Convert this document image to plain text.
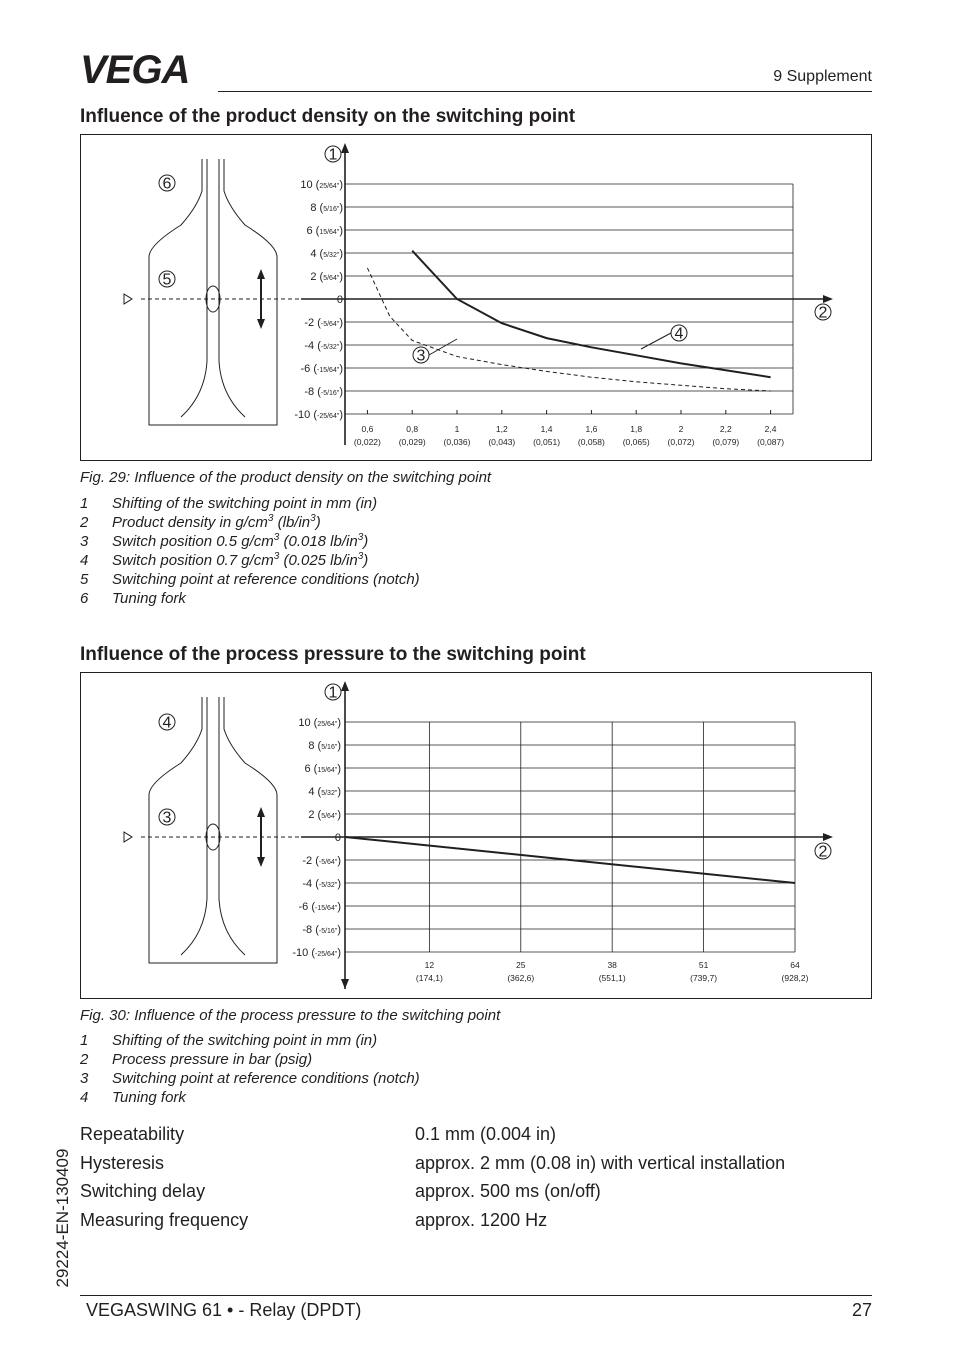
VEGA	9 Supplement
Influence of the product density on the switching point
10 (25/64")
8 (5/16")
6 (15/64")
4 (5/32")
2 (5/64")
0
-2 (-5/64")
-4 (-5/32")
-6 (-15/64")
-8 (-5/16")
-10 (-25/64")
0,6
(0,022)
0,8
(0,029)
1
(0,036)
1,2
(0,043)
1,4
(0,051)
1,6
(0,058)
1,8
(0,065)
2
(0,072)
2,2
(0,079)
2,4
(0,087)
5
1
2
3
4
6
Fig. 29: Influence of the product density on the switching point
1 Shifting of the switching point in mm (in)
2 Product density in $g/cm^3$ $(lb/in^3)$
3 Switch position 0.5 $g/cm^3$ (0.018 $lb/in^3$)
4 Switch position 0.7 $g/cm^3$ (0.025 $lb/in^3$)
5 Switching point at reference conditions (notch)
6 Tuning fork
Influence of the process pressure to the switching point
12
(174,1)
25
(362,6)
38
(551,1)
51
(739,7)
64
(928,2)
10 (25/64")
8 (5/16")
6 (15/64")
4 (5/32")
2 (5/64")
0
-2 (-5/64")
-4 (-5/32")
-6 (-15/64")
-8 (-5/16")
-10 (-25/64")
3
1
2
4
Fig. 30: Influence of the process pressure to the switching point
1 Shifting of the switching point in mm (in)
2 Process pressure in bar (psig)
3 Switching point at reference conditions (notch)
4 Tuning fork
Repeatability	0.1 mm (0.004 in)
Hysteresis	approx. 2 mm (0.08 in) with vertical installation
Switching delay	approx. 500 ms (on/off)
Measuring frequency	approx. 1200 Hz
29224-EN-130409
VEGASWING 61 • - Relay (DPDT)	27
